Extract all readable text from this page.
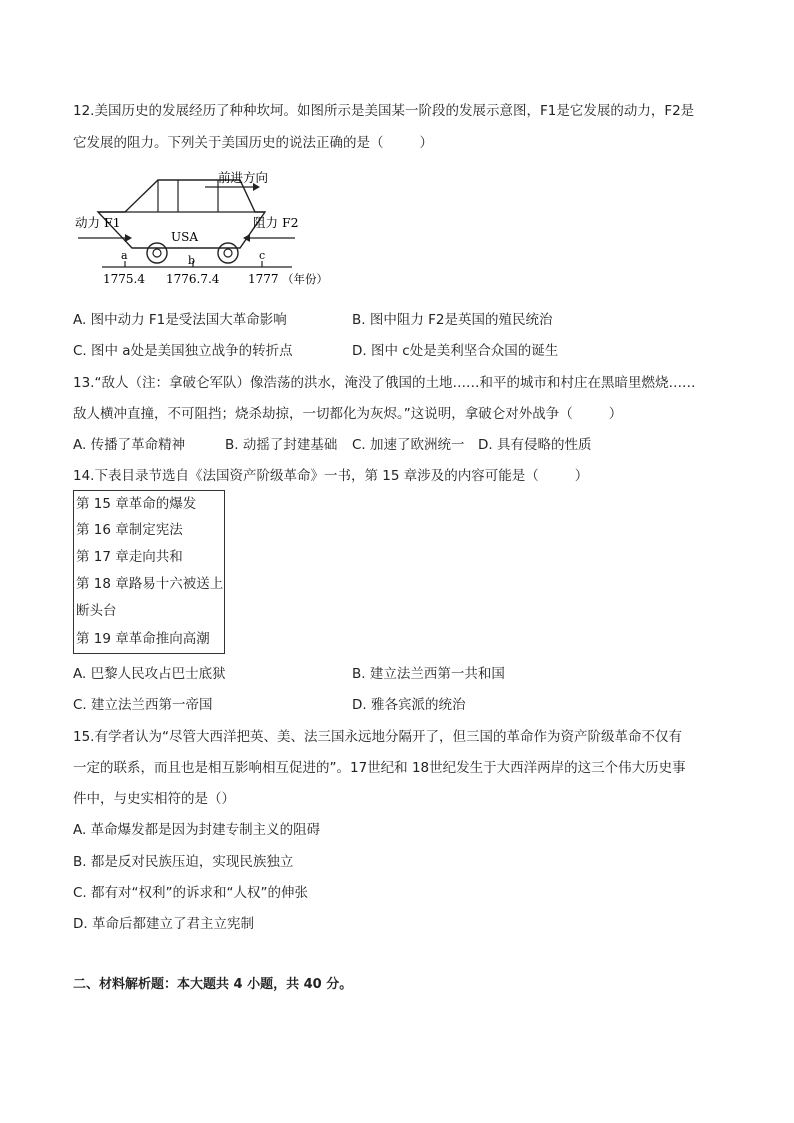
12.美国历史的发展经历了种种坎坷。如图所示是美国某一阶段的发展示意图，F1是它发展的动力，F2是
它发展的阻力。下列关于美国历史的说法正确的是（	）
USA
前进方向
动力 F1	阻力 F2
a	b	c
1775.4 1776.7.4 1777 （年份）
A. 图中动力 F1是受法国大革命影响	B. 图中阻力 F2是英国的殖民统治
C. 图中 a处是美国独立战争的转折点	D. 图中 c处是美利坚合众国的诞生
13.“敌人（注：拿破仑军队）像浩荡的洪水，淹没了俄国的土地……和平的城市和村庄在黑暗里燃烧……
敌人横冲直撞，不可阻挡；烧杀劫掠，一切都化为灰烬。”这说明，拿破仑对外战争（	）
A. 传播了革命精神	B. 动摇了封建基础 C. 加速了欧洲统一 D. 具有侵略的性质
14.下表目录节选自《法国资产阶级革命》一书，第 15 章涉及的内容可能是（	）
第 15 章革命的爆发
第 16 章制定宪法
第 17 章走向共和
第 18 章路易十六被送上
断头台
第 19 章革命推向高潮
A. 巴黎人民攻占巴士底狱	B. 建立法兰西第一共和国
C. 建立法兰西第一帝国	D. 雅各宾派的统治
15.有学者认为“尽管大西洋把英、美、法三国永远地分隔开了，但三国的革命作为资产阶级革命不仅有
一定的联系，而且也是相互影响相互促进的”。17世纪和 18世纪发生于大西洋两岸的这三个伟大历史事
件中，与史实相符的是（）
A. 革命爆发都是因为封建专制主义的阻碍
B. 都是反对民族压迫，实现民族独立
C. 都有对“权利”的诉求和“人权”的伸张
D. 革命后都建立了君主立宪制
二、材料解析题：本大题共 4 小题，共 40 分。
